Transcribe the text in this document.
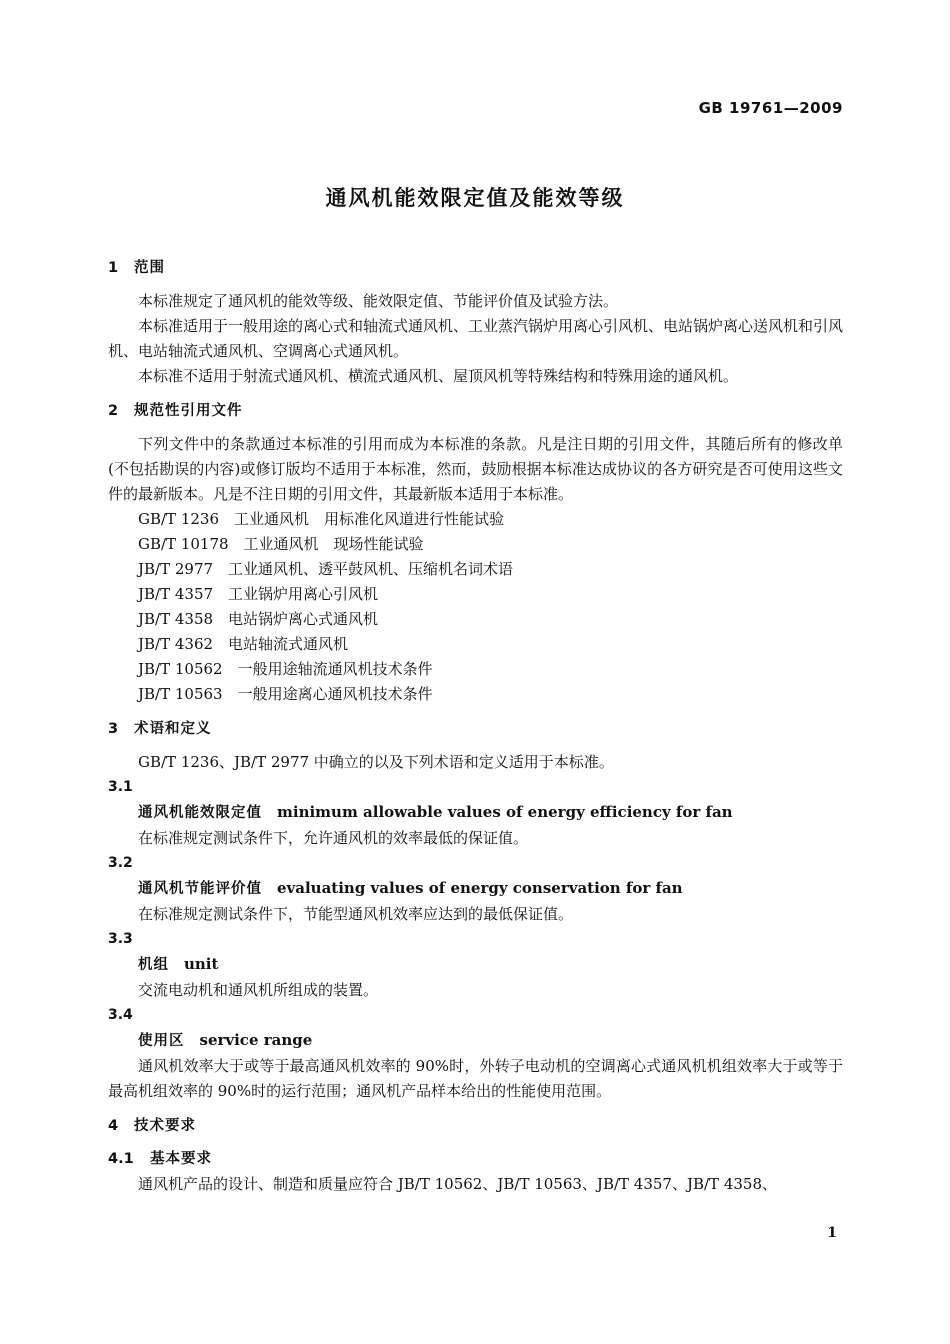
GB 19761—2009
通风机能效限定值及能效等级
1 范围
本标准规定了通风机的能效等级、能效限定值、节能评价值及试验方法。
本标准适用于一般用途的离心式和轴流式通风机、工业蒸汽锅炉用离心引风机、电站锅炉离心送风机和引风机、电站轴流式通风机、空调离心式通风机。
本标准不适用于射流式通风机、横流式通风机、屋顶风机等特殊结构和特殊用途的通风机。
2 规范性引用文件
下列文件中的条款通过本标准的引用而成为本标准的条款。凡是注日期的引用文件，其随后所有的修改单(不包括勘误的内容)或修订版均不适用于本标准，然而，鼓励根据本标准达成协议的各方研究是否可使用这些文件的最新版本。凡是不注日期的引用文件，其最新版本适用于本标准。
GB/T 1236　工业通风机　用标准化风道进行性能试验
GB/T 10178　工业通风机　现场性能试验
JB/T 2977　工业通风机、透平鼓风机、压缩机名词术语
JB/T 4357　工业锅炉用离心引风机
JB/T 4358　电站锅炉离心式通风机
JB/T 4362　电站轴流式通风机
JB/T 10562　一般用途轴流通风机技术条件
JB/T 10563　一般用途离心通风机技术条件
3 术语和定义
GB/T 1236、JB/T 2977 中确立的以及下列术语和定义适用于本标准。
3.1
通风机能效限定值 minimum allowable values of energy efficiency for fan
在标准规定测试条件下，允许通风机的效率最低的保证值。
3.2
通风机节能评价值 evaluating values of energy conservation for fan
在标准规定测试条件下，节能型通风机效率应达到的最低保证值。
3.3
机组 unit
交流电动机和通风机所组成的装置。
3.4
使用区 service range
通风机效率大于或等于最高通风机效率的 90%时，外转子电动机的空调离心式通风机机组效率大于或等于最高机组效率的 90%时的运行范围；通风机产品样本给出的性能使用范围。
4 技术要求
4.1 基本要求
通风机产品的设计、制造和质量应符合 JB/T 10562、JB/T 10563、JB/T 4357、JB/T 4358、
1
